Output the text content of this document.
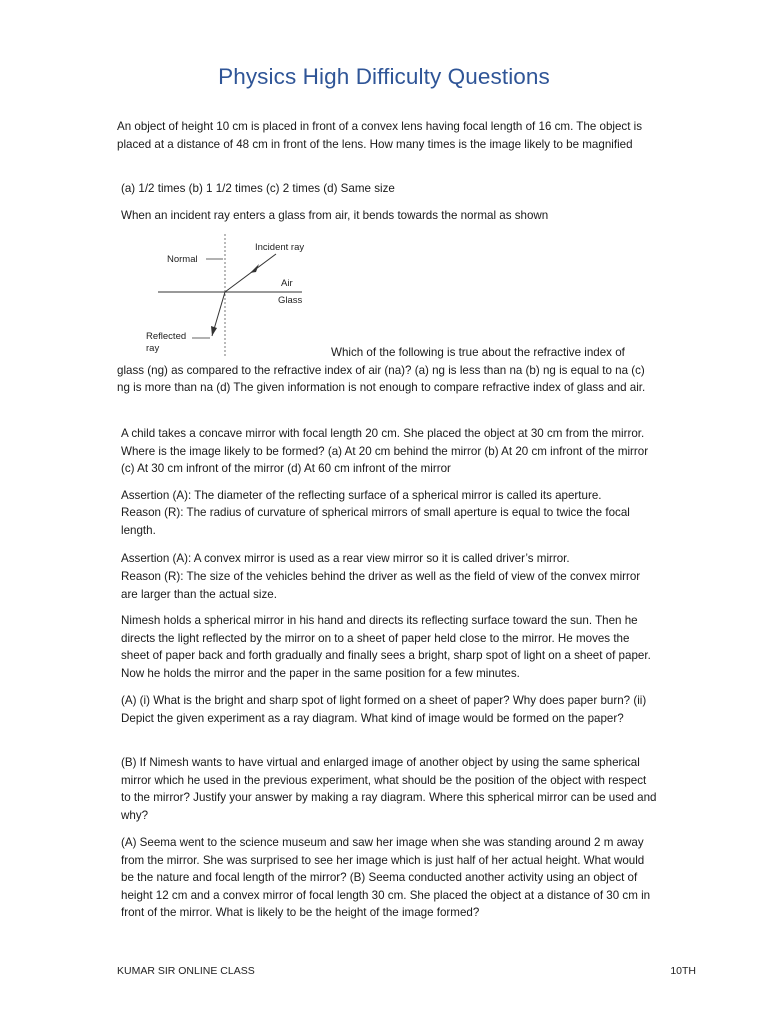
Physics High Difficulty Questions

An object of height 10 cm is placed in front of a convex lens having focal length of 16 cm. The object is placed at a distance of 48 cm in front of the lens. How many times is the image likely to be magnified

(a) 1/2 times (b) 1 1/2 times (c) 2 times (d) Same size

When an incident ray enters a glass from air, it bends towards the normal as shown

Normal
Incident ray
Air
Glass
Reflected
ray	Which of the following is true about the refractive index of glass (ng) as compared to the refractive index of air (na)? (a) ng is less than na (b) ng is equal to na (c) ng is more than na (d) The given information is not enough to compare refractive index of glass and air.

A child takes a concave mirror with focal length 20 cm. She placed the object at 30 cm from the mirror. Where is the image likely to be formed? (a) At 20 cm behind the mirror (b) At 20 cm infront of the mirror (c) At 30 cm infront of the mirror (d) At 60 cm infront of the mirror

Assertion (A): The diameter of the reflecting surface of a spherical mirror is called its aperture.

Reason (R): The radius of curvature of spherical mirrors of small aperture is equal to twice the focal length.

Assertion (A): A convex mirror is used as a rear view mirror so it is called driver’s mirror.

Reason (R): The size of the vehicles behind the driver as well as the field of view of the convex mirror are larger than the actual size.

Nimesh holds a spherical mirror in his hand and directs its reflecting surface toward the sun. Then he directs the light reflected by the mirror on to a sheet of paper held close to the mirror. He moves the sheet of paper back and forth gradually and finally sees a bright, sharp spot of light on a sheet of paper. Now he holds the mirror and the paper in the same position for a few minutes.

(A) (i) What is the bright and sharp spot of light formed on a sheet of paper? Why does paper burn? (ii) Depict the given experiment as a ray diagram. What kind of image would be formed on the paper?

(B) If Nimesh wants to have virtual and enlarged image of another object by using the same spherical mirror which he used in the previous experiment, what should be the position of the object with respect to the mirror? Justify your answer by making a ray diagram. Where this spherical mirror can be used and why?

(A) Seema went to the science museum and saw her image when she was standing around 2 m away from the mirror. She was surprised to see her image which is just half of her actual height. What would be the nature and focal length of the mirror? (B) Seema conducted another activity using an object of height 12 cm and a convex mirror of focal length 30 cm. She placed the object at a distance of 30 cm in front of the mirror. What is likely to be the height of the image formed?

KUMAR SIR ONLINE CLASS	10TH
